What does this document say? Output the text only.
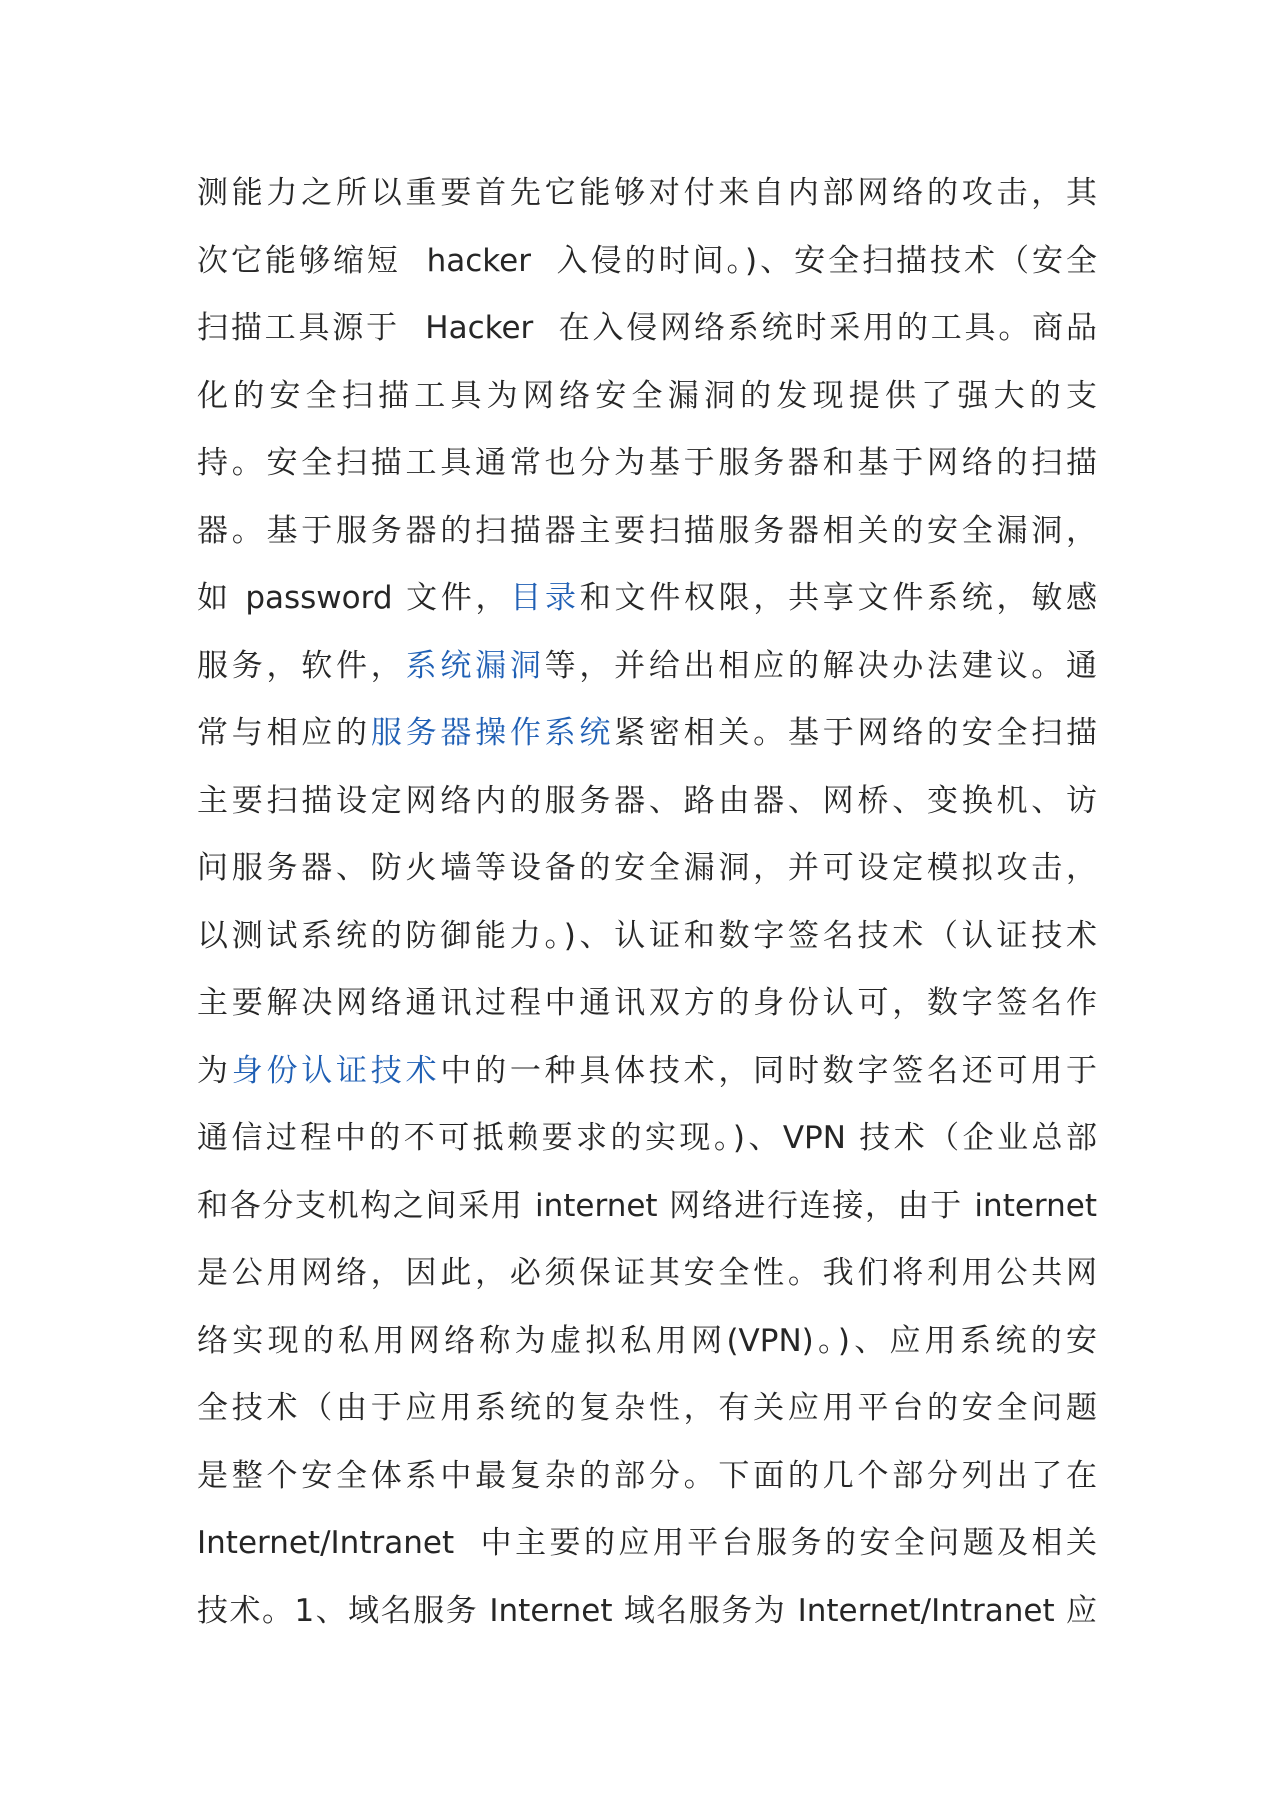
测能力之所以重要首先它能够对付来自内部网络的攻击，其
次它能够缩短  hacker  入侵的时间。)、安全扫描技术（安全
扫描工具源于  Hacker  在入侵网络系统时采用的工具。商品
化的安全扫描工具为网络安全漏洞的发现提供了强大的支
持。安全扫描工具通常也分为基于服务器和基于网络的扫描
器。基于服务器的扫描器主要扫描服务器相关的安全漏洞，
如 password 文件，目录和文件权限，共享文件系统，敏感
服务，软件，系统漏洞等，并给出相应的解决办法建议。通
常与相应的服务器操作系统紧密相关。基于网络的安全扫描
主要扫描设定网络内的服务器、路由器、网桥、变换机、访
问服务器、防火墙等设备的安全漏洞，并可设定模拟攻击，
以测试系统的防御能力。)、认证和数字签名技术（认证技术
主要解决网络通讯过程中通讯双方的身份认可，数字签名作
为身份认证技术中的一种具体技术，同时数字签名还可用于
通信过程中的不可抵赖要求的实现。)、VPN 技术（企业总部
和各分支机构之间采用 internet 网络进行连接，由于 internet
是公用网络，因此，必须保证其安全性。我们将利用公共网
络实现的私用网络称为虚拟私用网(VPN)。)、应用系统的安
全技术（由于应用系统的复杂性，有关应用平台的安全问题
是整个安全体系中最复杂的部分。下面的几个部分列出了在
Internet/Intranet  中主要的应用平台服务的安全问题及相关
技术。1、域名服务 Internet 域名服务为 Internet/Intranet 应
